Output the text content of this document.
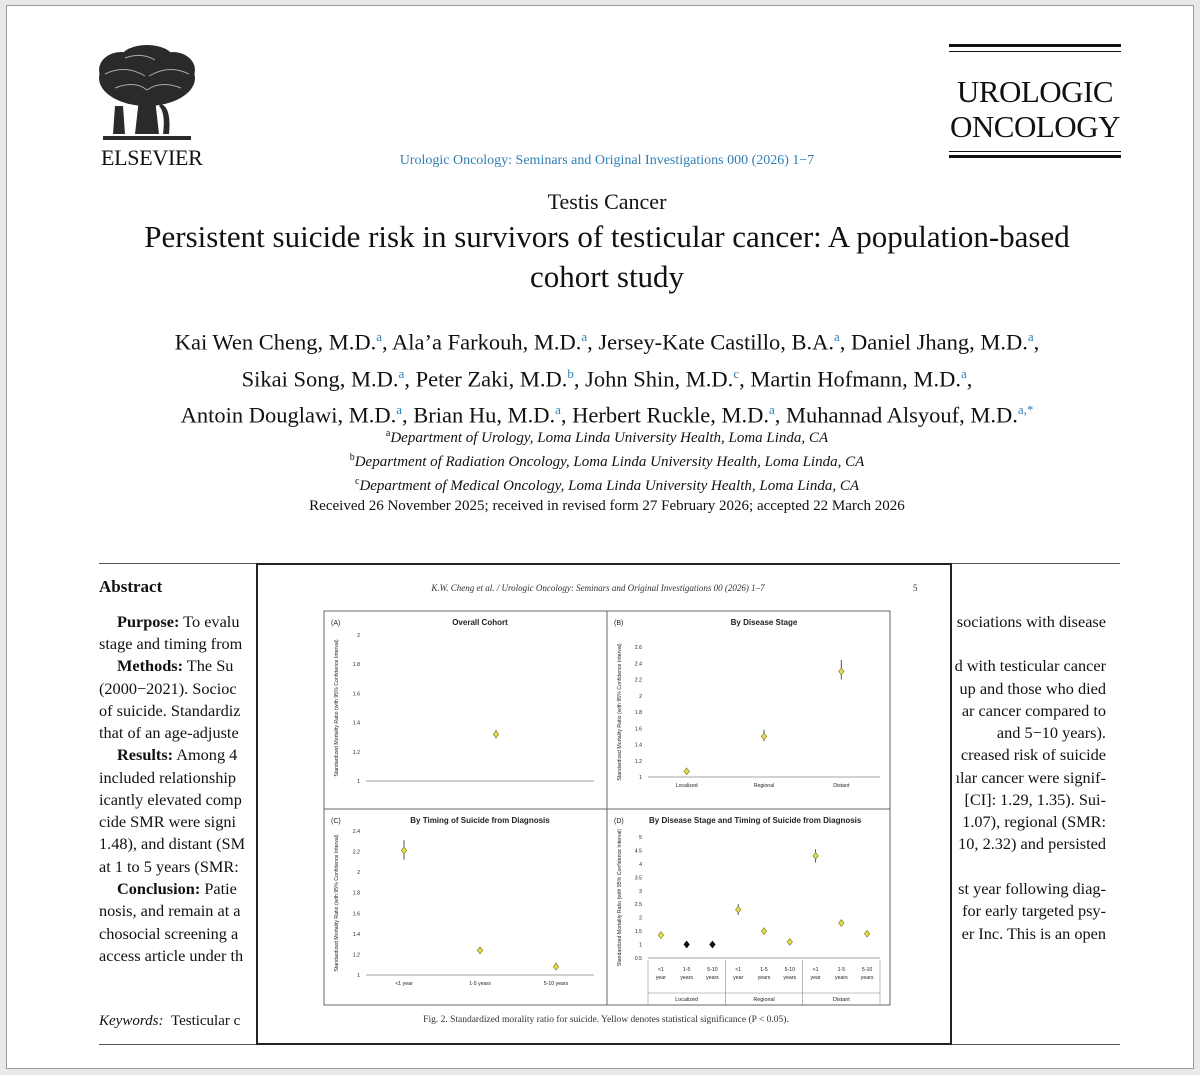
ELSEVIER	Urologic Oncology: Seminars and Original Investigations 000 (2026) 1−7
UROLOGIC
ONCOLOGY
Testis Cancer
Persistent suicide risk in survivors of testicular cancer: A population-based cohort study
Kai Wen Cheng, M.D.$^a$, Ala’a Farkouh, M.D.$^a$, Jersey-Kate Castillo, B.A.$^a$, Daniel Jhang, M.D.$^a$,
Sikai Song, M.D.$^a$, Peter Zaki, M.D.$^b$, John Shin, M.D.$^c$, Martin Hofmann, M.D.$^a$,
Antoin Douglawi, M.D.$^a$, Brian Hu, M.D.$^a$, Herbert Ruckle, M.D.$^a$, Muhannad Alsyouf, M.D.$^{a,*}$
$^a$Department of Urology, Loma Linda University Health, Loma Linda, CA
$^b$Department of Radiation Oncology, Loma Linda University Health, Loma Linda, CA
$^c$Department of Medical Oncology, Loma Linda University Health, Loma Linda, CA
Received 26 November 2025; received in revised form 27 February 2026; accepted 22 March 2026
Abstract
Purpose: To evalu
stage and timing from
Methods: The Su
(2000−2021). Socioc
of suicide. Standardiz
that of an age-adjuste
Results: Among 4
included relationship
icantly elevated comp
cide SMR were signi
1.48), and distant (SM
at 1 to 5 years (SMR:
Conclusion: Patie
nosis, and remain at a
chosocial screening a
access article under th
sociations with disease
d with testicular cancer
up and those who died
ar cancer compared to
and 5−10 years).
creased risk of suicide
ılar cancer were signif-
[CI]: 1.29, 1.35). Sui-
1.07), regional (SMR:
10, 2.32) and persisted
st year following diag-
for early targeted psy-
er Inc. This is an open
Keywords: Testicular c
K.W. Cheng et al. / Urologic Oncology: Seminars and Original Investigations 00 (2026) 1–7	5
(A)	Overall Cohort
Standardized Mortality Ratio (with 95% Confidence Interval)
1
1.2
1.4
1.6
1.8
2
(B)	By Disease Stage
Standardized Mortality Ratio (with 95% Confidence Interval)	1
1.2
1.4
1.6
1.8
2
2.2
2.4
2.6
Localized	Regional	Distant
(C)	By Timing of Suicide from Diagnosis
Standardized Mortality Ratio (with 95% Confidence Interval)
1
1.2
1.4
1.6
1.8
2
2.2
2.4
<1 year	1-5 years	5-10 years
(D)	By Disease Stage and Timing of Suicide from Diagnosis
Standardized Mortality Ratio (with 95% Confidence Interval) 0.5
1
1.5
2
2.5
3
3.5
4
4.5
5
<1
year
1-5
years
5-10
years
<1
year
1-5
years
5-10
years
<1
year
1-5
years
5-10
years
Localized	Regional	Distant
Fig. 2. Standardized morality ratio for suicide. Yellow denotes statistical significance (P < 0.05).
